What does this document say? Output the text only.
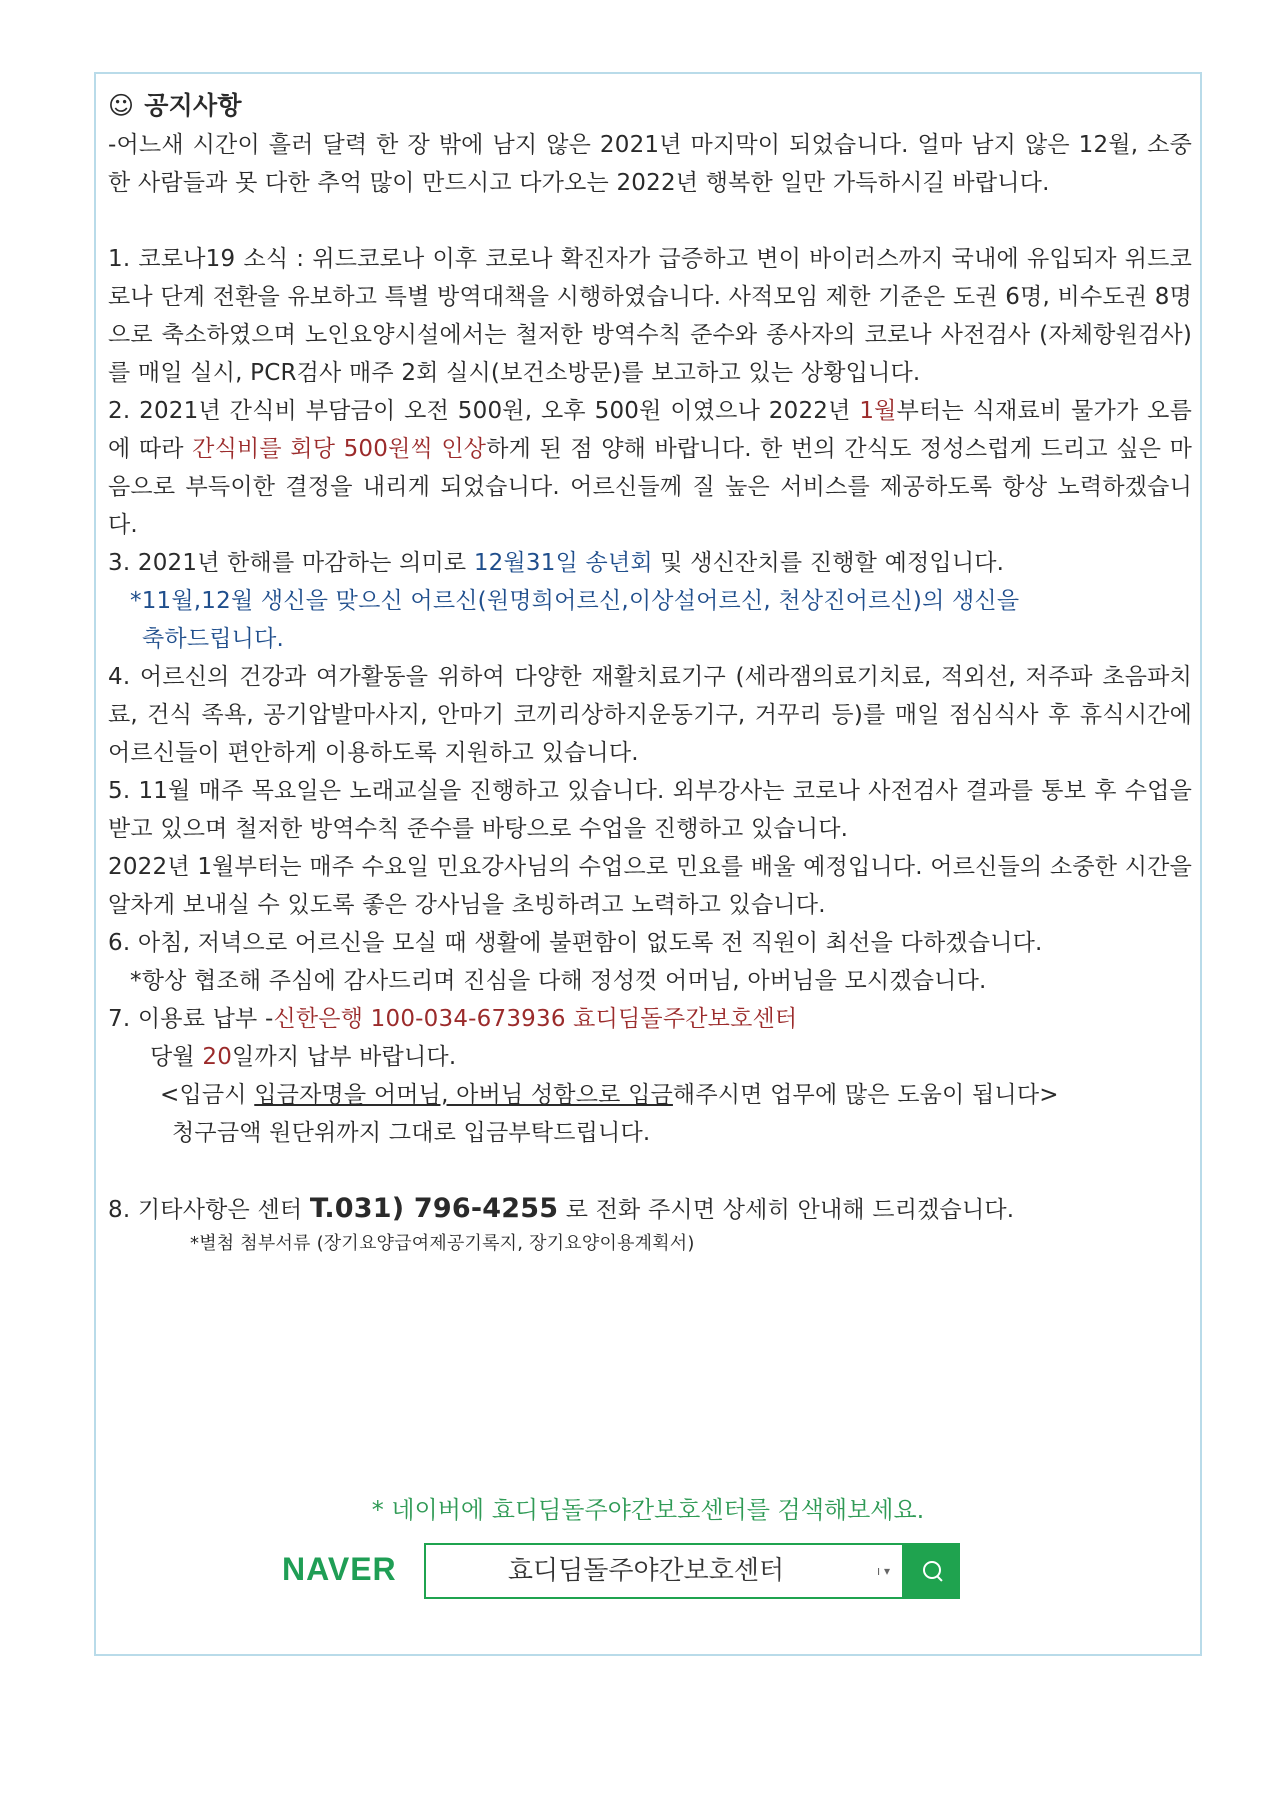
☺ 공지사항

-어느새 시간이 흘러 달력 한 장 밖에 남지 않은 2021년 마지막이 되었습니다. 얼마 남지 않은 12월, 소중한 사람들과 못 다한 추억 많이 만드시고 다가오는 2022년 행복한 일만 가득하시길 바랍니다.

1. 코로나19 소식 : 위드코로나 이후 코로나 확진자가 급증하고 변이 바이러스까지 국내에 유입되자 위드코로나 단계 전환을 유보하고 특별 방역대책을 시행하였습니다. 사적모임 제한 기준은 도권 6명, 비수도권 8명으로 축소하였으며 노인요양시설에서는 철저한 방역수칙 준수와 종사자의 코로나 사전검사 (자체항원검사)를 매일 실시, PCR검사 매주 2회 실시(보건소방문)를 보고하고 있는 상황입니다.

2. 2021년 간식비 부담금이 오전 500원, 오후 500원 이였으나 2022년 1월부터는 식재료비 물가가 오름에 따라 간식비를 회당 500원씩 인상하게 된 점 양해 바랍니다. 한 번의 간식도 정성스럽게 드리고 싶은 마음으로 부득이한 결정을 내리게 되었습니다. 어르신들께 질 높은 서비스를 제공하도록 항상 노력하겠습니다.

3. 2021년 한해를 마감하는 의미로 12월31일 송년회 및 생신잔치를 진행할 예정입니다.

*11월,12월 생신을 맞으신 어르신(원명희어르신,이상설어르신, 천상진어르신)의 생신을

축하드립니다.

4. 어르신의 건강과 여가활동을 위하여 다양한 재활치료기구 (세라잼의료기치료, 적외선, 저주파 초음파치료, 건식 족욕, 공기압발마사지, 안마기 코끼리상하지운동기구, 거꾸리 등)를 매일 점심식사 후 휴식시간에 어르신들이 편안하게 이용하도록 지원하고 있습니다.

5. 11월 매주 목요일은 노래교실을 진행하고 있습니다. 외부강사는 코로나 사전검사 결과를 통보 후 수업을 받고 있으며 철저한 방역수칙 준수를 바탕으로 수업을 진행하고 있습니다.

2022년 1월부터는 매주 수요일 민요강사님의 수업으로 민요를 배울 예정입니다. 어르신들의 소중한 시간을 알차게 보내실 수 있도록 좋은 강사님을 초빙하려고 노력하고 있습니다.

6. 아침, 저녁으로 어르신을 모실 때 생활에 불편함이 없도록 전 직원이 최선을 다하겠습니다.

*항상 협조해 주심에 감사드리며 진심을 다해 정성껏 어머님, 아버님을 모시겠습니다.

7. 이용료 납부 -신한은행 100-034-673936 효디딤돌주간보호센터

당월 20일까지 납부 바랍니다.

<입금시 입금자명을 어머님, 아버님 성함으로 입금해주시면 업무에 많은 도움이 됩니다>

청구금액 원단위까지 그대로 입금부탁드립니다.

8. 기타사항은 센터 T.031) 796-4255 로 전화 주시면 상세히 안내해 드리겠습니다.

*별첨 첨부서류 (장기요양급여제공기록지, 장기요양이용계획서)

* 네이버에 효디딤돌주야간보호센터를 검색해보세요.
NAVER	효디딤돌주야간보호센터	ı ▾
